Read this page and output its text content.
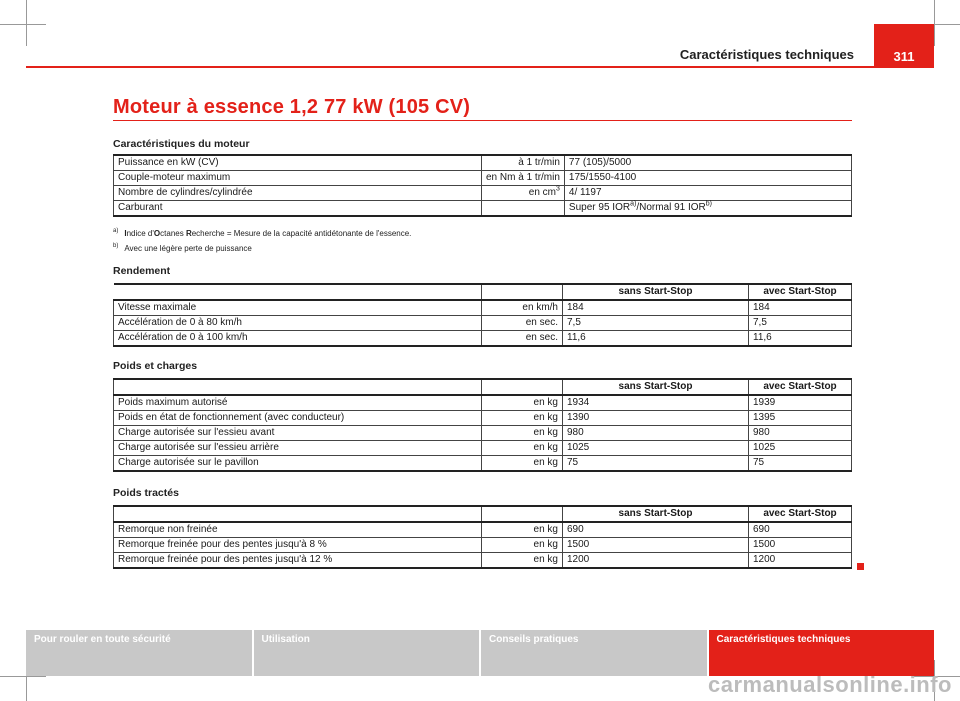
Caractéristiques techniques	311
Moteur à essence 1,2 77 kW (105 CV)
Caractéristiques du moteur
Puissance en kW (CV)	à 1 tr/min	77 (105)/5000
Couple-moteur maximum	en Nm à 1 tr/min	175/1550-4100
Nombre de cylindres/cylindrée	en $cm^3$	4/ 1197
Carburant		Super 95 IOR$^{a)}$/Normal 91 IOR$^{b)}$
$^{a)}$ Indice d'Octanes Recherche = Mesure de la capacité antidétonante de l'essence.
$^{b)}$ Avec une légère perte de puissance
Rendement
		sans Start-Stop	avec Start-Stop
Vitesse maximale	en km/h	184	184
Accélération de 0 à 80 km/h	en sec.	7,5	7,5
Accélération de 0 à 100 km/h	en sec.	11,6	11,6
Poids et charges
		sans Start-Stop	avec Start-Stop
Poids maximum autorisé	en kg	1934	1939
Poids en état de fonctionnement (avec conducteur)	en kg	1390	1395
Charge autorisée sur l'essieu avant	en kg	980	980
Charge autorisée sur l'essieu arrière	en kg	1025	1025
Charge autorisée sur le pavillon	en kg	75	75
Poids tractés
		sans Start-Stop	avec Start-Stop
Remorque non freinée	en kg	690	690
Remorque freinée pour des pentes jusqu'à 8 %	en kg	1500	1500
Remorque freinée pour des pentes jusqu'à 12 %	en kg	1200	1200
Pour rouler en toute sécurité	Utilisation	Conseils pratiques	Caractéristiques techniques
carmanualsonline.info
